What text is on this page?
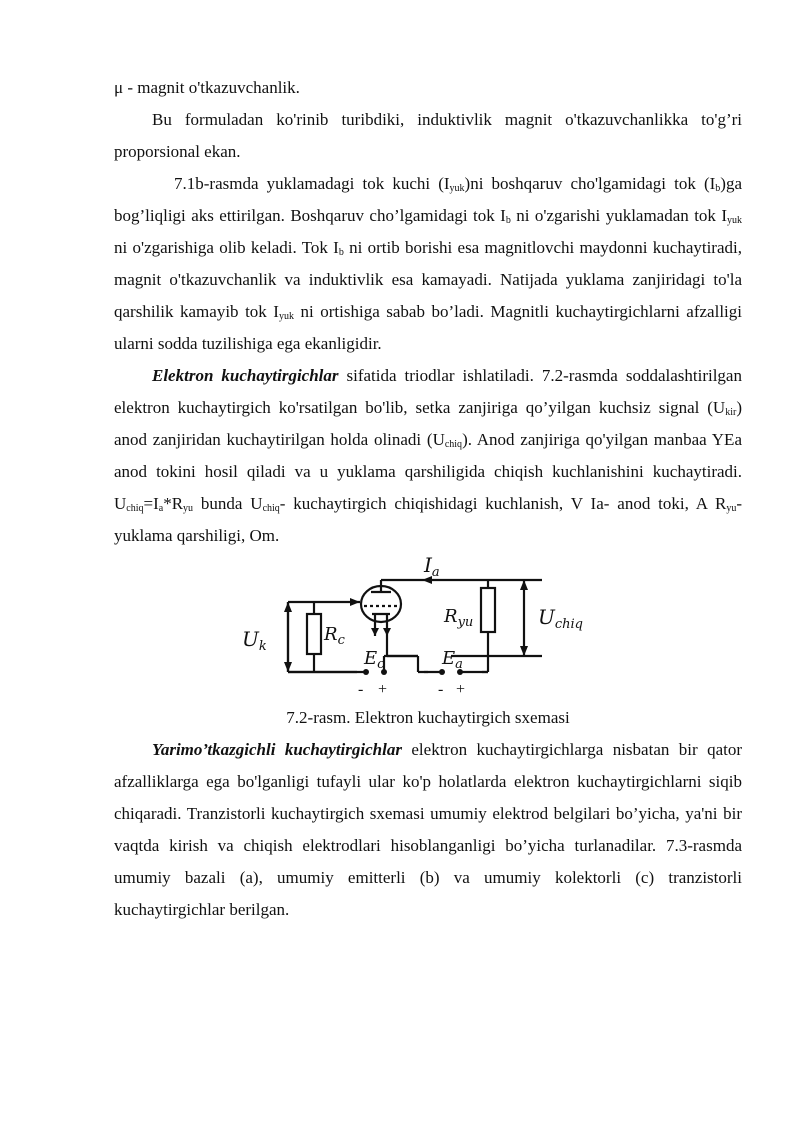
μ - magnit o'tkazuvchanlik.

Bu formuladan ko'rinib turibdiki, induktivlik magnit o'tkazuvchanlikka to'g’ri proporsional ekan.

7.1b-rasmda yuklamadagi tok kuchi $(I_{yuk})ni$ boshqaruv cho'lgamidagi tok $(I_b)ga$ bog’liqligi aks ettirilgan. Boshqaruv cho’lgamidagi tok $I_b$ ni o'zgarishi yuklamadan tok $I_{yuk}$ ni o'zgarishiga olib keladi. Tok $I_b$ ni ortib borishi esa magnitlovchi maydonni kuchaytiradi, magnit o'tkazuvchanlik va induktivlik esa kamayadi. Natijada yuklama zanjiridagi to'la qarshilik kamayib tok $I_{yuk}$ ni ortishiga sabab bo’ladi. Magnitli kuchaytirgichlarni afzalligi ularni sodda tuzilishiga ega ekanligidir.

Elektron kuchaytirgichlar sifatida triodlar ishlatiladi. 7.2-rasmda soddalashtirilgan elektron kuchaytirgich ko'rsatilgan bo'lib, setka zanjiriga qo’yilgan kuchsiz signal $(U_{kir})$ anod zanjiridan kuchaytirilgan holda olinadi $(U_{chiq})$. Anod zanjiriga qo'yilgan manbaa YEa anod tokini hosil qiladi va u yuklama qarshiligida chiqish kuchlanishini kuchaytiradi. $U_{chiq}=I_a*R_{yu}$ bunda $U_{chiq}-$ kuchaytirgich chiqishidagi kuchlanish, V Ia- anod toki, A $R_{yu}-$ yuklama qarshiligi, Om.

$I_a$
$U_k$
$R_c$
$R_{yu}$	$U_{chiq}$
$E_c$	$E_a$
- +	- +

7.2-rasm. Elektron kuchaytirgich sxemasi

Yarimo’tkazgichli kuchaytirgichlar elektron kuchaytirgichlarga nisbatan bir qator afzalliklarga ega bo'lganligi tufayli ular ko'p holatlarda elektron kuchaytirgichlarni siqib chiqaradi. Tranzistorli kuchaytirgich sxemasi umumiy elektrod belgilari bo’yicha, ya'ni bir vaqtda kirish va chiqish elektrodlari hisoblanganligi bo’yicha turlanadilar. 7.3-rasmda umumiy bazali (a), umumiy emitterli (b) va umumiy kolektorli (c) tranzistorli kuchaytirgichlar berilgan.
